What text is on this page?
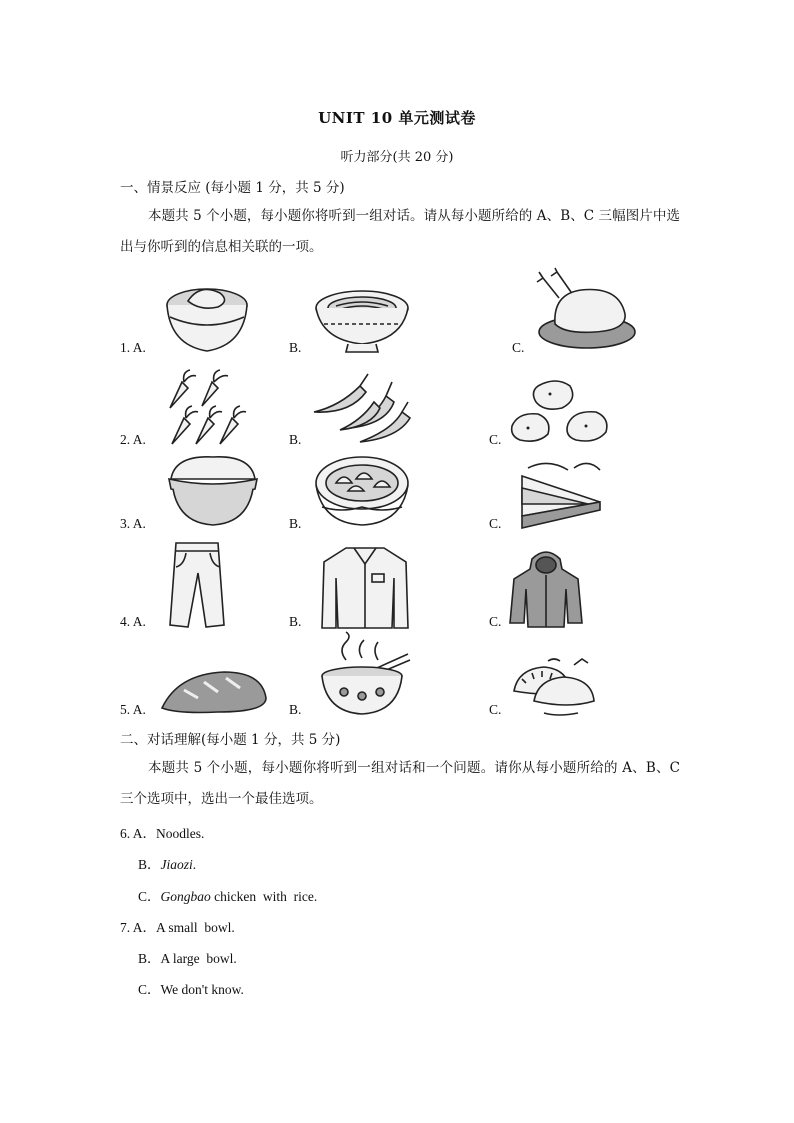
UNIT 10 单元测试卷
听力部分(共 20 分)
一、情景反应 (每小题 1 分，共 5 分)
本题共 5 个小题，每小题你将听到一组对话。请从每小题所给的 A、B、C 三幅图片中选出与你听到的信息相关联的一项。
1. A.	B.	C.
2. A.	B.	C.
3. A.	B.	C.
4. A.	B.	C.
5. A.	B.	C.
二、对话理解(每小题 1 分，共 5 分)
本题共 5 个小题，每小题你将听到一组对话和一个问题。请你从每小题所给的 A、B、C 三个选项中，选出一个最佳选项。
6. A．Noodles.
B．Jiaozi.
C．Gongbao chicken  with  rice.
7. A．A small  bowl.
B．A large  bowl.
C．We don't know.
